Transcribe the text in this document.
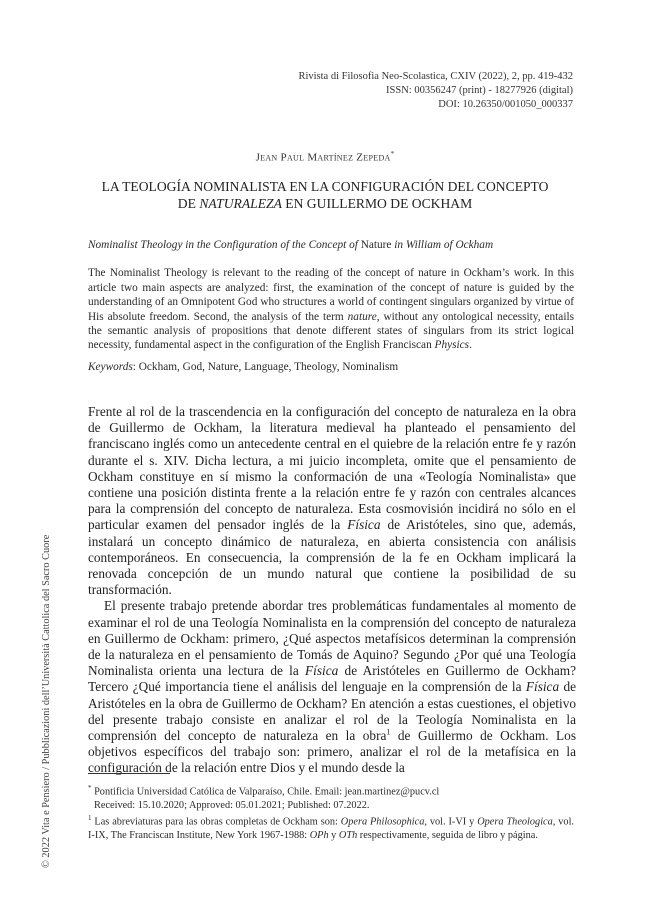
Rivista di Filosofia Neo-Scolastica, CXIV (2022), 2, pp. 419-432
ISSN: 00356247 (print) - 18277926 (digital)
DOI: 10.26350/001050_000337
Jean Paul Martínez Zepeda*
LA TEOLOGÍA NOMINALISTA EN LA CONFIGURACIÓN DEL CONCEPTO
DE NATURALEZA EN GUILLERMO DE OCKHAM

Nominalist Theology in the Configuration of the Concept of Nature in William of Ockham

The Nominalist Theology is relevant to the reading of the concept of nature in Ockham’s work. In this article two main aspects are analyzed: first, the examination of the concept of nature is guided by the understanding of an Omnipotent God who structures a world of contingent singulars organized by virtue of His absolute freedom. Second, the analysis of the term nature, without any ontological necessity, entails the semantic analysis of propositions that denote different states of singulars from its strict logical necessity, fundamental aspect in the configuration of the English Franciscan Physics.

Keywords: Ockham, God, Nature, Language, Theology, Nominalism

Frente al rol de la trascendencia en la configuración del concepto de naturaleza en la obra de Guillermo de Ockham, la literatura medieval ha planteado el pensamiento del franciscano inglés como un antecedente central en el quiebre de la relación entre fe y razón durante el s. XIV. Dicha lectura, a mi juicio incompleta, omite que el pensamiento de Ockham constituye en sí mismo la conformación de una «Teología Nominalista» que contiene una posición distinta frente a la relación entre fe y razón con centrales alcances para la comprensión del concepto de naturaleza. Esta cosmovisión incidirá no sólo en el particular examen del pensador inglés de la Física de Aristóteles, sino que, además, instalará un concepto dinámico de naturaleza, en abierta consistencia con análisis contemporáneos. En consecuencia, la comprensión de la fe en Ockham implicará la renovada concepción de un mundo natural que contiene la posibilidad de su transformación.

El presente trabajo pretende abordar tres problemáticas fundamentales al momento de examinar el rol de una Teología Nominalista en la comprensión del concepto de naturaleza en Guillermo de Ockham: primero, ¿Qué aspectos metafísicos determinan la comprensión de la naturaleza en el pensamiento de Tomás de Aquino? Segundo ¿Por qué una Teología Nominalista orienta una lectura de la Física de Aristóteles en Guillermo de Ockham? Tercero ¿Qué importancia tiene el análisis del lenguaje en la comprensión de la Física de Aristóteles en la obra de Guillermo de Ockham? En atención a estas cuestiones, el objetivo del presente trabajo consiste en analizar el rol de la Teología Nominalista en la comprensión del concepto de naturaleza en la obra$^1$ de Guillermo de Ockham. Los objetivos específicos del trabajo son: primero, analizar el rol de la metafísica en la configuración de la relación entre Dios y el mundo desde la

* Pontificia Universidad Católica de Valparaíso, Chile. Email: jean.martinez@pucv.cl
Received: 15.10.2020; Approved: 05.01.2021; Published: 07.2022.
$^1$ Las abreviaturas para las obras completas de Ockham son: Opera Philosophica, vol. I-VI y Opera Theologica, vol. I-IX, The Franciscan Institute, New York 1967-1988: OPh y OTh respectivamente, seguida de libro y página.
© 2022 Vita e Pensiero / Pubblicazioni dell’Università Cattolica del Sacro Cuore
